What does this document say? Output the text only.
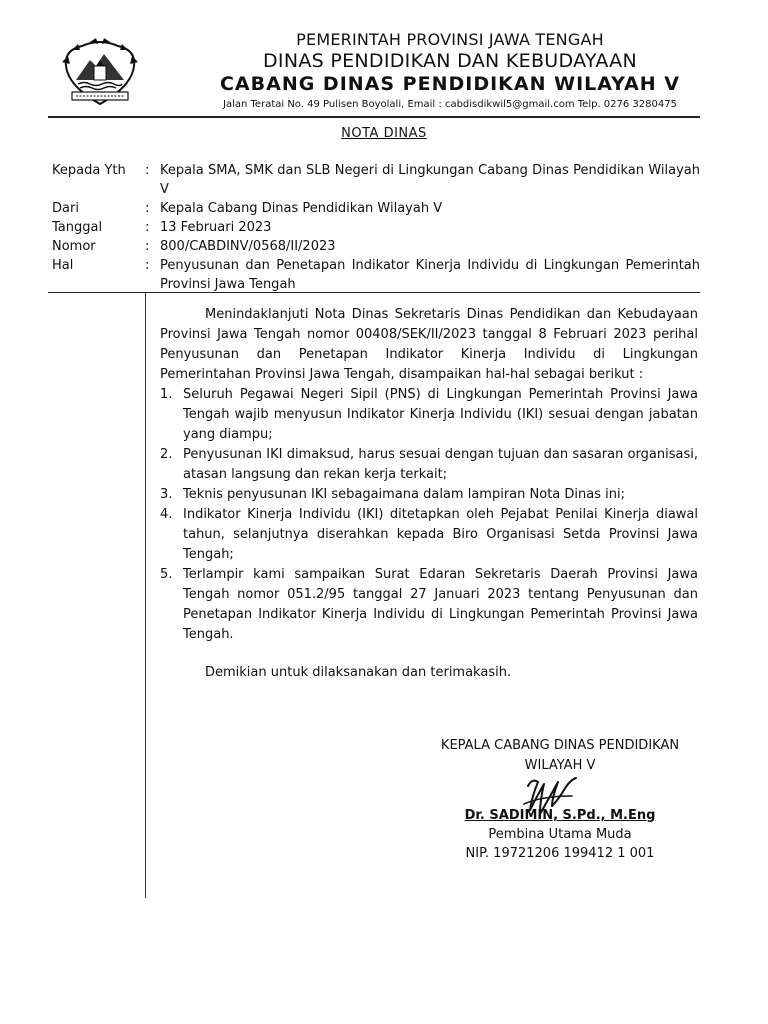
PEMERINTAH PROVINSI JAWA TENGAH
DINAS PENDIDIKAN DAN KEBUDAYAAN
CABANG DINAS PENDIDIKAN WILAYAH V
Jalan Teratai No. 49 Pulisen Boyolali, Email : cabdisdikwil5@gmail.com Telp. 0276 3280475
NOTA DINAS
Kepada Yth : Kepala SMA, SMK dan SLB Negeri di Lingkungan Cabang Dinas Pendidikan Wilayah V
Dari	: Kepala Cabang Dinas Pendidikan Wilayah V
Tanggal	: 13 Februari 2023
Nomor	: 800/CABDINV/0568/II/2023
Hal	: Penyusunan dan Penetapan Indikator Kinerja Individu di Lingkungan Pemerintah Provinsi Jawa Tengah

Menindaklanjuti Nota Dinas Sekretaris Dinas Pendidikan dan Kebudayaan Provinsi Jawa Tengah nomor 00408/SEK/II/2023 tanggal 8 Februari 2023 perihal Penyusunan dan Penetapan Indikator Kinerja Individu di Lingkungan Pemerintahan Provinsi Jawa Tengah, disampaikan hal-hal sebagai berikut :

1. Seluruh Pegawai Negeri Sipil (PNS) di Lingkungan Pemerintah Provinsi Jawa Tengah wajib menyusun Indikator Kinerja Individu (IKI) sesuai dengan jabatan yang diampu;
2. Penyusunan IKI dimaksud, harus sesuai dengan tujuan dan sasaran organisasi, atasan langsung dan rekan kerja terkait;
3. Teknis penyusunan IKI sebagaimana dalam lampiran Nota Dinas ini;
4. Indikator Kinerja Individu (IKI) ditetapkan oleh Pejabat Penilai Kinerja diawal tahun, selanjutnya diserahkan kepada Biro Organisasi Setda Provinsi Jawa Tengah;
5. Terlampir kami sampaikan Surat Edaran Sekretaris Daerah Provinsi Jawa Tengah nomor 051.2/95 tanggal 27 Januari 2023 tentang Penyusunan dan Penetapan Indikator Kinerja Individu di Lingkungan Pemerintah Provinsi Jawa Tengah.
Demikian untuk dilaksanakan dan terimakasih.
KEPALA CABANG DINAS PENDIDIKAN
WILAYAH V
Dr. SADIMIN, S.Pd., M.Eng
Pembina Utama Muda
NIP. 19721206 199412 1 001
